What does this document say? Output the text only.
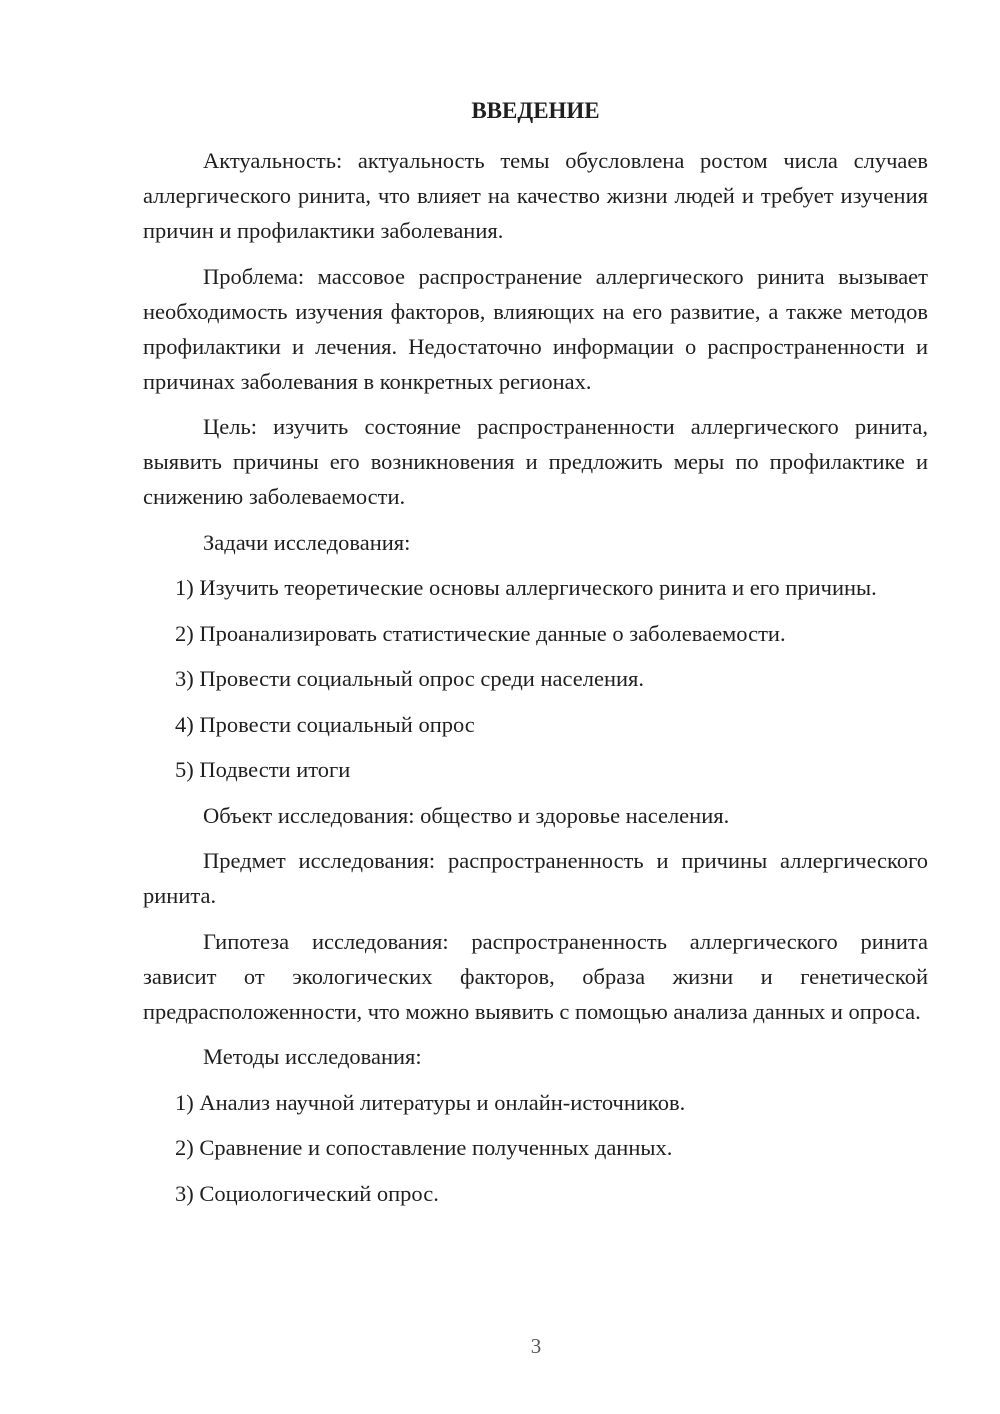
ВВЕДЕНИЕ

Актуальность: актуальность темы обусловлена ростом числа случаев аллергического ринита, что влияет на качество жизни людей и требует изучения причин и профилактики заболевания.

Проблема: массовое распространение аллергического ринита вызывает необходимость изучения факторов, влияющих на его развитие, а также методов профилактики и лечения. Недостаточно информации о распространенности и причинах заболевания в конкретных регионах.

Цель: изучить состояние распространенности аллергического ринита, выявить причины его возникновения и предложить меры по профилактике и снижению заболеваемости.

Задачи исследования:

1) Изучить теоретические основы аллергического ринита и его причины.

2) Проанализировать статистические данные о заболеваемости.

3) Провести социальный опрос среди населения.

4) Провести социальный опрос

5) Подвести итоги

Объект исследования: общество и здоровье населения.

Предмет исследования: распространенность и причины аллергического ринита.

Гипотеза исследования: распространенность аллергического ринита зависит от экологических факторов, образа жизни и генетической предрасположенности, что можно выявить с помощью анализа данных и опроса.

Методы исследования:

1) Анализ научной литературы и онлайн-источников.

2) Сравнение и сопоставление полученных данных.

3) Социологический опрос.

3
